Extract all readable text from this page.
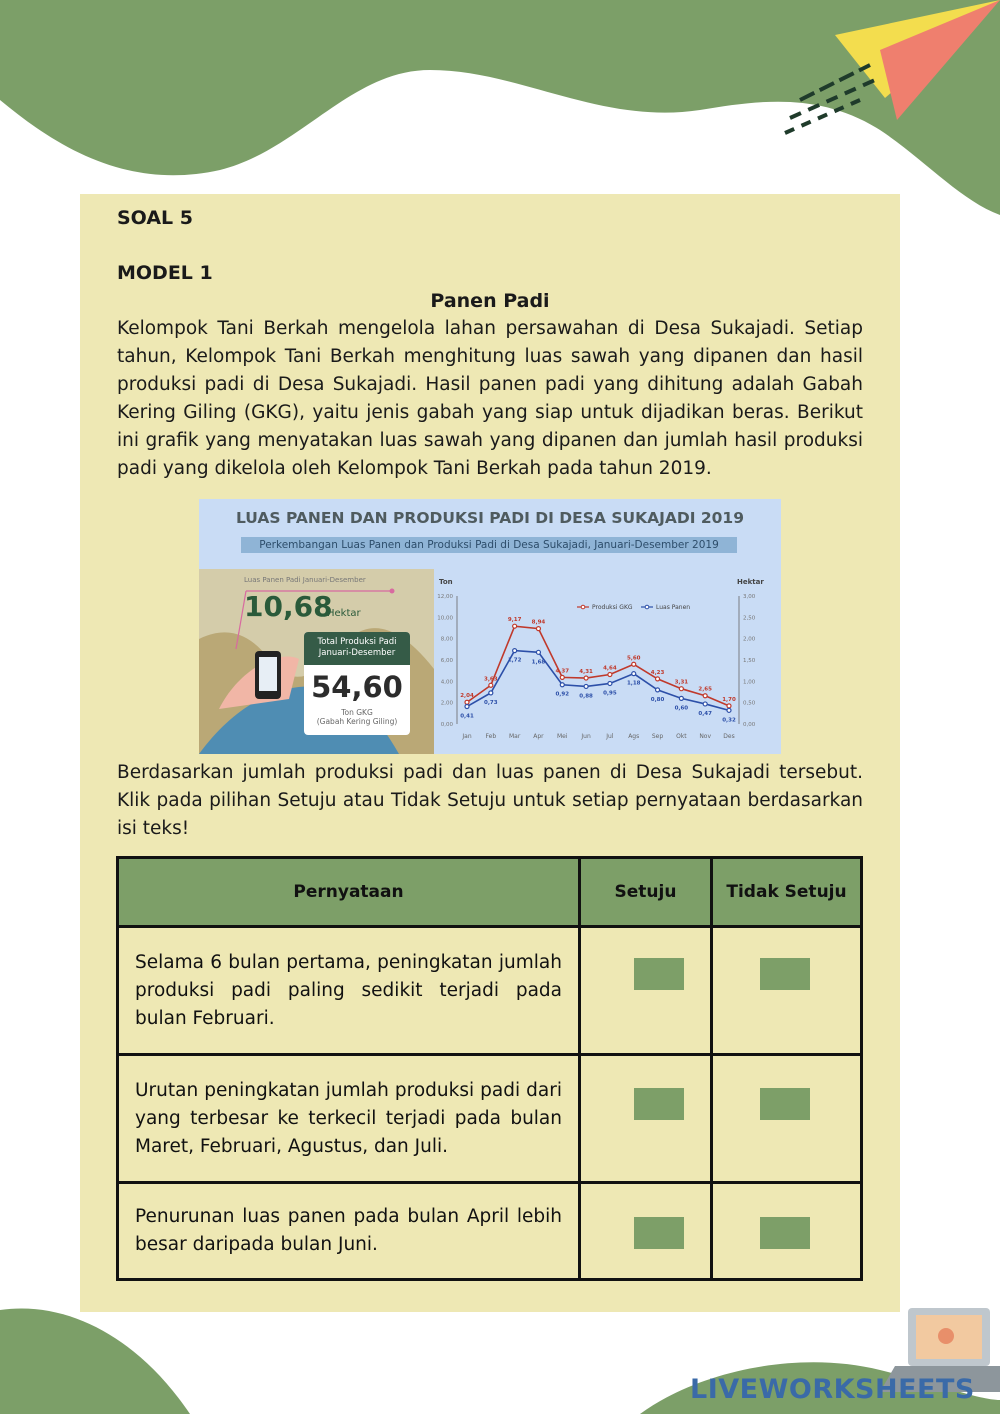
SOAL 5
MODEL 1
Panen Padi
Kelompok Tani Berkah mengelola lahan persawahan di Desa Sukajadi. Setiap tahun, Kelompok Tani Berkah menghitung luas sawah yang dipanen dan hasil produksi padi di Desa Sukajadi. Hasil panen padi yang dihitung adalah Gabah Kering Giling (GKG), yaitu jenis gabah yang siap untuk dijadikan beras. Berikut ini grafik yang menyatakan luas sawah yang dipanen dan jumlah hasil produksi padi yang dikelola oleh Kelompok Tani Berkah pada tahun 2019.
LUAS PANEN DAN PRODUKSI PADI DI DESA SUKAJADI 2019
Perkembangan Luas Panen dan Produksi Padi di Desa Sukajadi, Januari-Desember 2019
Luas Panen Padi Januari-Desember
10,68
Hektar
Total Produksi Padi
Januari-Desember
54,60
Ton GKG
(Gabah Kering Giling)
Ton	Hektar
12,00
10,00
8,00
6,00
4,00
2,00
0,00
3,00
2,50
2,00
1,50
1,00
0,50
0,00
Jan Feb Mar Apr Mei Jun	Jul Ags Sep Okt Nov Des
Produksi GKG	Luas Panen
2,04
3,63
9,17 8,94
4,37 4,31
4,64
5,60
4,23
3,31
2,65
1,70
0,41
0,73
1,72 1,68
0,92 0,88 0,95
1,18
0,80
0,60
0,47
0,32
Berdasarkan jumlah produksi padi dan luas panen di Desa Sukajadi tersebut. Klik pada pilihan Setuju atau Tidak Setuju untuk setiap pernyataan berdasarkan isi teks!
Pernyataan	Setuju	Tidak Setuju
Selama 6 bulan pertama, peningkatan jumlah produksi padi paling sedikit terjadi pada bulan Februari.
Urutan peningkatan jumlah produksi padi dari yang terbesar ke terkecil terjadi pada bulan Maret, Februari, Agustus, dan Juli.
Penurunan luas panen pada bulan April lebih besar daripada bulan Juni.
LIVEWORKSHEETS
